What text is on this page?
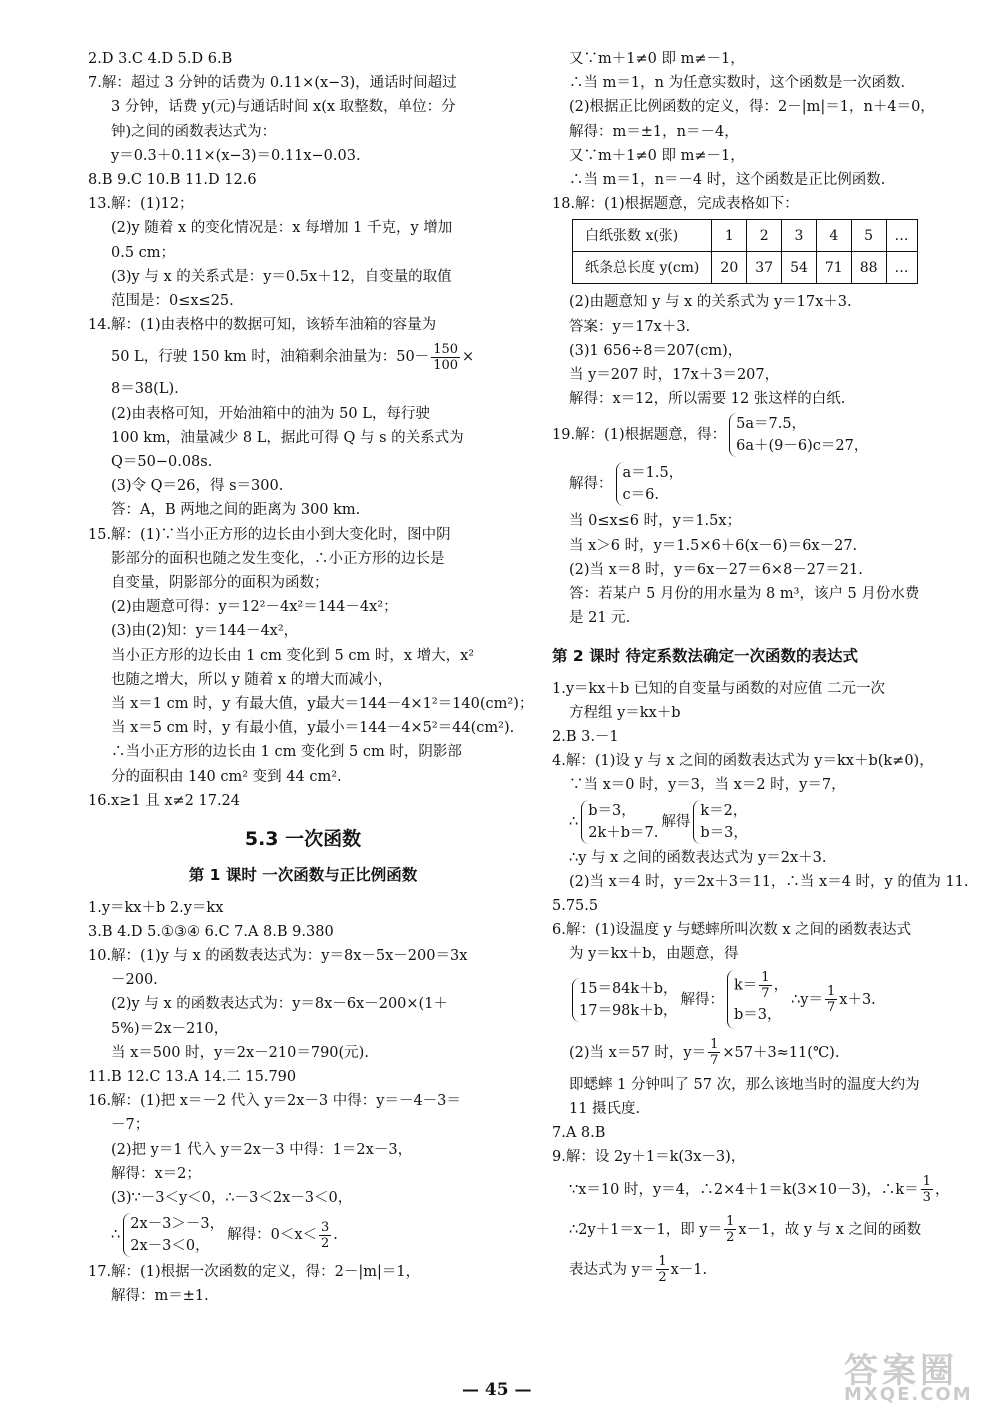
2.D 3.C 4.D 5.D 6.B
7.解：超过 3 分钟的话费为 0.11×(x−3)，通话时间超过
3 分钟，话费 y(元)与通话时间 x(x 取整数，单位：分
钟)之间的函数表达式为：
y＝0.3＋0.11×(x−3)＝0.11x−0.03.
8.B 9.C 10.B 11.D 12.6
13.解：(1)12；
(2)y 随着 x 的变化情况是：x 每增加 1 千克，y 增加
0.5 cm；
(3)y 与 x 的关系式是：y＝0.5x＋12，自变量的取值
范围是：0≤x≤25.
14.解：(1)由表格中的数据可知，该轿车油箱的容量为
50 L，行驶 150 km 时，油箱剩余油量为：$50- \frac{150}{100}$ ×
8＝38(L).
(2)由表格可知，开始油箱中的油为 50 L，每行驶
100 km，油量减少 8 L，据此可得 Q 与 s 的关系式为
Q＝50−0.08s.
(3)令 Q＝26，得 s＝300.
答：A，B 两地之间的距离为 300 km.
15.解：(1)∵当小正方形的边长由小到大变化时，图中阴
影部分的面积也随之发生变化，∴小正方形的边长是
自变量，阴影部分的面积为函数；
(2)由题意可得：y＝12²－4x²＝144－4x²；
(3)由(2)知：y＝144－4x²，
当小正方形的边长由 1 cm 变化到 5 cm 时，x 增大，x²
也随之增大，所以 y 随着 x 的增大而减小，
当 x＝1 cm 时，y 有最大值，y最大＝144－4×1²＝140(cm²)；
当 x＝5 cm 时，y 有最小值，y最小＝144－4×5²＝44(cm²).
∴当小正方形的边长由 1 cm 变化到 5 cm 时，阴影部
分的面积由 140 cm² 变到 44 cm².
16.x≥1 且 x≠2 17.24
5.3 一次函数
第 1 课时 一次函数与正比例函数
1.y＝kx＋b 2.y＝kx
3.B 4.D 5.①③④ 6.C 7.A 8.B 9.380
10.解：(1)y 与 x 的函数表达式为：y＝8x－5x－200＝3x
－200.
(2)y 与 x 的函数表达式为：y＝8x－6x－200×(1＋
5%)＝2x－210，
当 x＝500 时，y＝2x－210＝790(元).
11.B 12.C 13.A 14.二 15.790
16.解：(1)把 x＝－2 代入 y＝2x－3 中得：y＝－4－3＝
－7；
(2)把 y＝1 代入 y＝2x－3 中得：1＝2x－3，
解得：x＝2；
(3)∵－3＜y＜0，∴－3＜2x－3＜0，
∴
2x－3＞－3，
2x－3＜0，
解得：$0<x< \frac{3}{2}$ .
17.解：(1)根据一次函数的定义，得：2－|m|＝1，
解得：m＝±1.
又∵m＋1≠0 即 m≠－1，
∴当 m＝1，n 为任意实数时，这个函数是一次函数.
(2)根据正比例函数的定义，得：2－|m|＝1，n＋4＝0，
解得：m＝±1，n＝－4，
又∵m＋1≠0 即 m≠－1，
∴当 m＝1，n＝－4 时，这个函数是正比例函数.
18.解：(1)根据题意，完成表格如下：
白纸张数 x(张)	1	2	3	4	5	…
纸条总长度 y(cm)	20	37	54	71	88	…
(2)由题意知 y 与 x 的关系式为 y＝17x＋3.
答案：y＝17x＋3.
(3)1 656÷8＝207(cm)，
当 y＝207 时，17x＋3＝207，
解得：x＝12，所以需要 12 张这样的白纸.
19.解：(1)根据题意，得：
5a＝7.5，
6a＋(9－6)c＝27，
解得：
a＝1.5，
c＝6.
当 0≤x≤6 时，y＝1.5x；
当 x＞6 时，y＝1.5×6＋6(x－6)＝6x－27.
(2)当 x＝8 时，y＝6x－27＝6×8－27＝21.
答：若某户 5 月份的用水量为 8 m³，该户 5 月份水费
是 21 元.
第 2 课时 待定系数法确定一次函数的表达式
1.y＝kx＋b 已知的自变量与函数的对应值 二元一次
方程组 y＝kx＋b
2.B 3.－1
4.解：(1)设 y 与 x 之间的函数表达式为 y＝kx＋b(k≠0)，
∵当 x＝0 时，y＝3，当 x＝2 时，y＝7，
∴
b＝3，
2k＋b＝7.
解得
k＝2，
b＝3，
∴y 与 x 之间的函数表达式为 y＝2x＋3.
(2)当 x＝4 时，y＝2x＋3＝11，∴当 x＝4 时，y 的值为 11.
5.75.5
6.解：(1)设温度 y 与蟋蟀所叫次数 x 之间的函数表达式
为 y＝kx＋b，由题意，得
15＝84k＋b，
17＝98k＋b，
解得：
$k= \frac{1}{7}$ ，
b＝3，
∴y＝ $\frac{1}{7} x+3$.
(2)当 x＝57 时，$y= \frac{1}{7}$ ×57＋3≈11(℃).
即蟋蟀 1 分钟叫了 57 次，那么该地当时的温度大约为
11 摄氏度.
7.A 8.B
9.解：设 2y＋1＝k(3x－3)，
∵x＝10 时，y＝4，∴2×4＋1＝k(3×10－3)，∴k＝ $\frac{1}{3}$ ，
∴2y＋1＝x－1，即 $y= \frac{1}{2} x-1$，故 y 与 x 之间的函数
表达式为 $y= \frac{1}{2} x-1$.
— 45 —	答案圈
MXQE.COM
